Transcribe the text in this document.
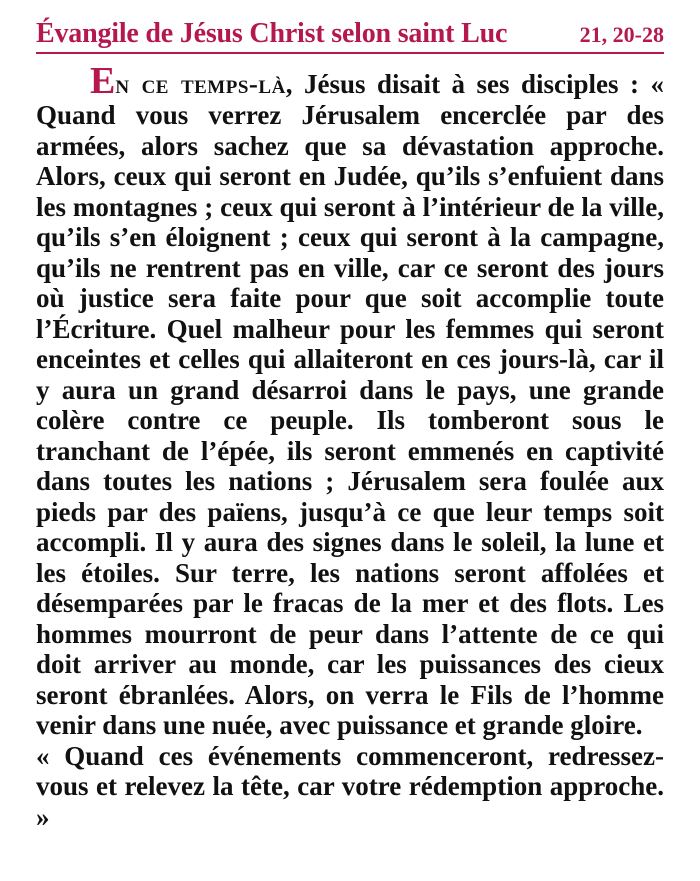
Évangile de Jésus Christ selon saint Luc	21, 20-28

En ce temps-là, Jésus disait à ses disciples : « Quand vous verrez Jérusalem encerclée par des armées, alors sachez que sa dévastation approche. Alors, ceux qui seront en Judée, qu’ils s’enfuient dans les montagnes ; ceux qui seront à l’intérieur de la ville, qu’ils s’en éloignent ; ceux qui seront à la campagne, qu’ils ne rentrent pas en ville, car ce seront des jours où justice sera faite pour que soit accomplie toute l’Écriture. Quel malheur pour les femmes qui seront enceintes et celles qui allaiteront en ces jours-là, car il y aura un grand désarroi dans le pays, une grande colère contre ce peuple. Ils tomberont sous le tranchant de l’épée, ils seront emmenés en captivité dans toutes les nations ; Jérusalem sera foulée aux pieds par des païens, jusqu’à ce que leur temps soit accompli. Il y aura des signes dans le soleil, la lune et les étoiles. Sur terre, les nations seront affolées et désemparées par le fracas de la mer et des flots. Les hommes mourront de peur dans l’attente de ce qui doit arriver au monde, car les puissances des cieux seront ébranlées. Alors, on verra le Fils de l’homme venir dans une nuée, avec puissance et grande gloire.

« Quand ces événements commenceront, redressez-vous et relevez la tête, car votre rédemption approche. »
